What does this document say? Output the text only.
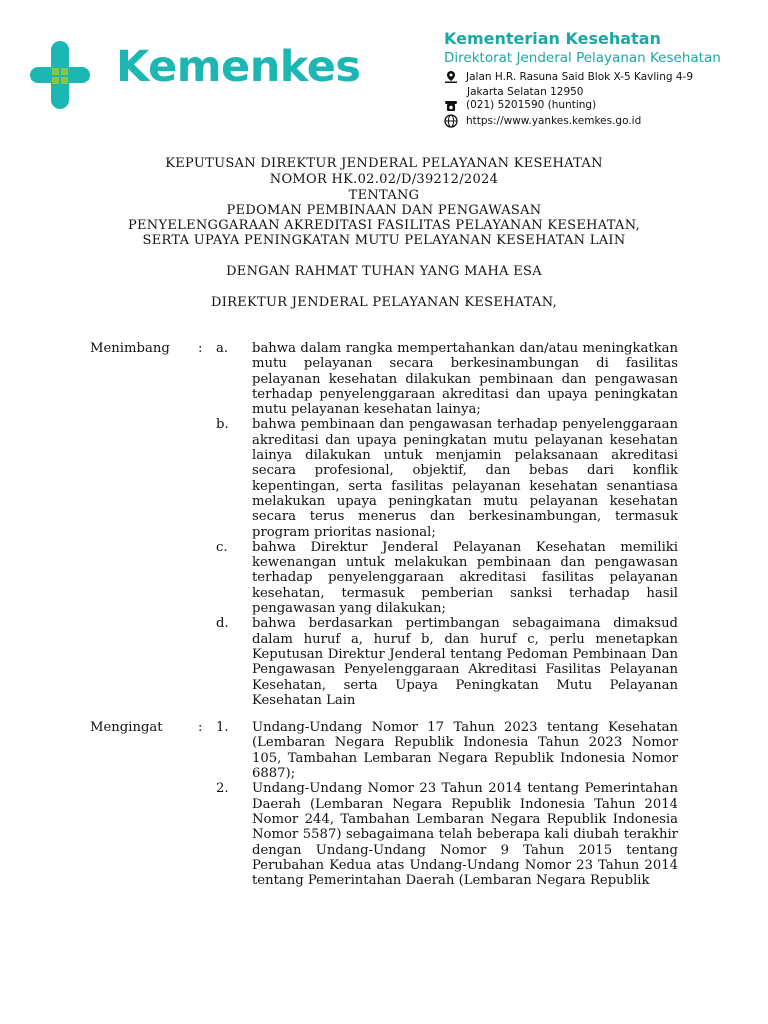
Kemenkes
Kementerian Kesehatan
Direktorat Jenderal Pelayanan Kesehatan
Jalan H.R. Rasuna Said Blok X-5 Kavling 4-9
Jakarta Selatan 12950
(021) 5201590 (hunting)
https://www.yankes.kemkes.go.id
KEPUTUSAN DIREKTUR JENDERAL PELAYANAN KESEHATAN
NOMOR HK.02.02/D/39212/2024
TENTANG
PEDOMAN PEMBINAAN DAN PENGAWASAN
PENYELENGGARAAN AKREDITASI FASILITAS PELAYANAN KESEHATAN,
SERTA UPAYA PENINGKATAN MUTU PELAYANAN KESEHATAN LAIN
DENGAN RAHMAT TUHAN YANG MAHA ESA
DIREKTUR JENDERAL PELAYANAN KESEHATAN,
Menimbang : a. bahwa dalam rangka mempertahankan dan/atau meningkatkan mutu pelayanan secara berkesinambungan di fasilitas pelayanan kesehatan dilakukan pembinaan dan pengawasan terhadap penyelenggaraan akreditasi dan upaya peningkatan mutu pelayanan kesehatan lainya;
b. bahwa pembinaan dan pengawasan terhadap penyelenggaraan akreditasi dan upaya peningkatan mutu pelayanan kesehatan lainya dilakukan untuk menjamin pelaksanaan akreditasi secara profesional, objektif, dan bebas dari konflik kepentingan, serta fasilitas pelayanan kesehatan senantiasa melakukan upaya peningkatan mutu pelayanan kesehatan secara terus menerus dan berkesinambungan, termasuk program prioritas nasional;
c. bahwa Direktur Jenderal Pelayanan Kesehatan memiliki kewenangan untuk melakukan pembinaan dan pengawasan terhadap penyelenggaraan akreditasi fasilitas pelayanan kesehatan, termasuk pemberian sanksi terhadap hasil pengawasan yang dilakukan;
d. bahwa berdasarkan pertimbangan sebagaimana dimaksud dalam huruf a, huruf b, dan huruf c, perlu menetapkan Keputusan Direktur Jenderal tentang Pedoman Pembinaan Dan Pengawasan Penyelenggaraan Akreditasi Fasilitas Pelayanan Kesehatan, serta Upaya Peningkatan Mutu Pelayanan Kesehatan Lain
Mengingat	: 1. Undang-Undang Nomor 17 Tahun 2023 tentang Kesehatan (Lembaran Negara Republik Indonesia Tahun 2023 Nomor 105, Tambahan Lembaran Negara Republik Indonesia Nomor 6887);
2. Undang-Undang Nomor 23 Tahun 2014 tentang Pemerintahan Daerah (Lembaran Negara Republik Indonesia Tahun 2014 Nomor 244, Tambahan Lembaran Negara Republik Indonesia Nomor 5587) sebagaimana telah beberapa kali diubah terakhir dengan Undang-Undang Nomor 9 Tahun 2015 tentang Perubahan Kedua atas Undang-Undang Nomor 23 Tahun 2014 tentang Pemerintahan Daerah (Lembaran Negara Republik
